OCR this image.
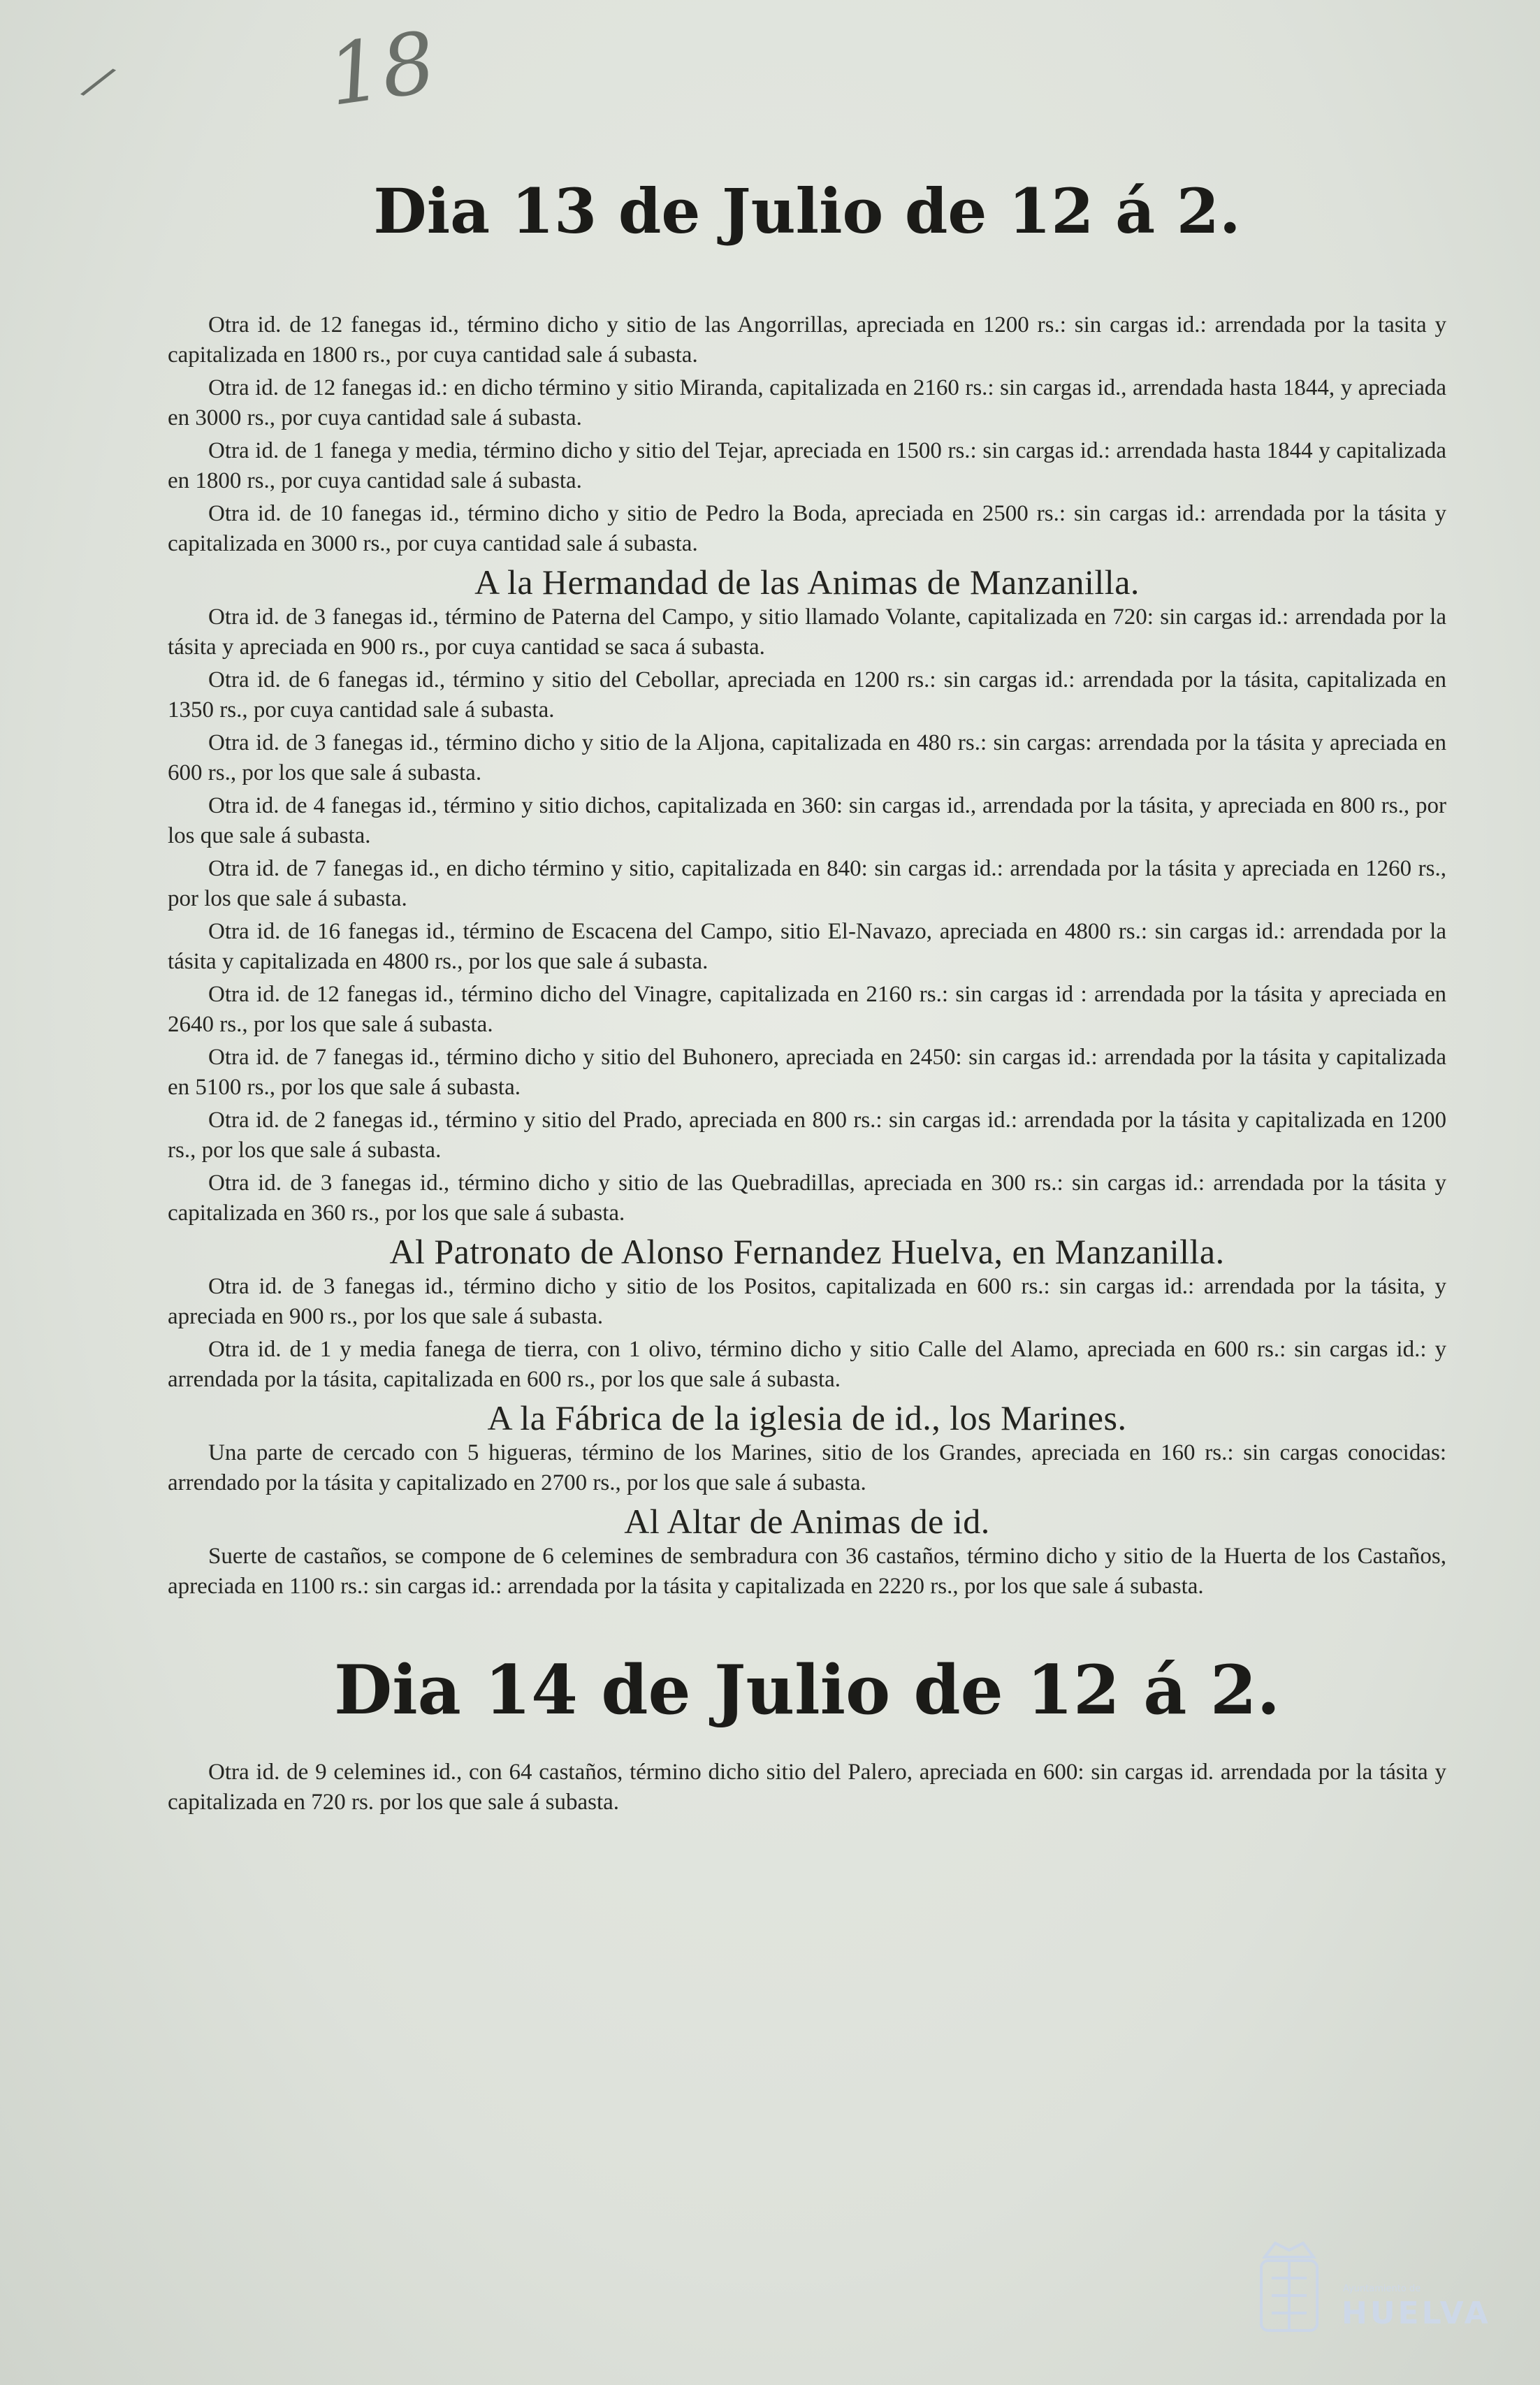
/ 18
Dia 13 de Julio de 12 á 2.

Otra id. de 12 fanegas id., término dicho y sitio de las Angorrillas, apreciada en 1200 rs.: sin cargas id.: arrendada por la tasita y capitalizada en 1800 rs., por cuya cantidad sale á subasta.

Otra id. de 12 fanegas id.: en dicho término y sitio Miranda, capitalizada en 2160 rs.: sin cargas id., arrendada hasta 1844, y apreciada en 3000 rs., por cuya cantidad sale á subasta.

Otra id. de 1 fanega y media, término dicho y sitio del Tejar, apreciada en 1500 rs.: sin cargas id.: arrendada hasta 1844 y capitalizada en 1800 rs., por cuya cantidad sale á subasta.

Otra id. de 10 fanegas id., término dicho y sitio de Pedro la Boda, apreciada en 2500 rs.: sin cargas id.: arrendada por la tásita y capitalizada en 3000 rs., por cuya cantidad sale á subasta.

A la Hermandad de las Animas de Manzanilla.

Otra id. de 3 fanegas id., término de Paterna del Campo, y sitio llamado Volante, capitalizada en 720: sin cargas id.: arrendada por la tásita y apreciada en 900 rs., por cuya cantidad se saca á subasta.

Otra id. de 6 fanegas id., término y sitio del Cebollar, apreciada en 1200 rs.: sin cargas id.: arrendada por la tásita, capitalizada en 1350 rs., por cuya cantidad sale á subasta.

Otra id. de 3 fanegas id., término dicho y sitio de la Aljona, capitalizada en 480 rs.: sin cargas: arrendada por la tásita y apreciada en 600 rs., por los que sale á subasta.

Otra id. de 4 fanegas id., término y sitio dichos, capitalizada en 360: sin cargas id., arrendada por la tásita, y apreciada en 800 rs., por los que sale á subasta.

Otra id. de 7 fanegas id., en dicho término y sitio, capitalizada en 840: sin cargas id.: arrendada por la tásita y apreciada en 1260 rs., por los que sale á subasta.

Otra id. de 16 fanegas id., término de Escacena del Campo, sitio El-Navazo, apreciada en 4800 rs.: sin cargas id.: arrendada por la tásita y capitalizada en 4800 rs., por los que sale á subasta.

Otra id. de 12 fanegas id., término dicho del Vinagre, capitalizada en 2160 rs.: sin cargas id : arrendada por la tásita y apreciada en 2640 rs., por los que sale á subasta.

Otra id. de 7 fanegas id., término dicho y sitio del Buhonero, apreciada en 2450: sin cargas id.: arrendada por la tásita y capitalizada en 5100 rs., por los que sale á subasta.

Otra id. de 2 fanegas id., término y sitio del Prado, apreciada en 800 rs.: sin cargas id.: arrendada por la tásita y capitalizada en 1200 rs., por los que sale á subasta.

Otra id. de 3 fanegas id., término dicho y sitio de las Quebradillas, apreciada en 300 rs.: sin cargas id.: arrendada por la tásita y capitalizada en 360 rs., por los que sale á subasta.

Al Patronato de Alonso Fernandez Huelva, en Manzanilla.

Otra id. de 3 fanegas id., término dicho y sitio de los Positos, capitalizada en 600 rs.: sin cargas id.: arrendada por la tásita, y apreciada en 900 rs., por los que sale á subasta.

Otra id. de 1 y media fanega de tierra, con 1 olivo, término dicho y sitio Calle del Alamo, apreciada en 600 rs.: sin cargas id.: y arrendada por la tásita, capitalizada en 600 rs., por los que sale á subasta.

A la Fábrica de la iglesia de id., los Marines.

Una parte de cercado con 5 higueras, término de los Marines, sitio de los Grandes, apreciada en 160 rs.: sin cargas conocidas: arrendado por la tásita y capitalizado en 2700 rs., por los que sale á subasta.

Al Altar de Animas de id.

Suerte de castaños, se compone de 6 celemines de sembradura con 36 castaños, término dicho y sitio de la Huerta de los Castaños, apreciada en 1100 rs.: sin cargas id.: arrendada por la tásita y capitalizada en 2220 rs., por los que sale á subasta.

Dia 14 de Julio de 12 á 2.

Otra id. de 9 celemines id., con 64 castaños, término dicho sitio del Palero, apreciada en 600: sin cargas id. arrendada por la tásita y capitalizada en 720 rs. por los que sale á subasta.

Ayuntamiento de
HUELVA
